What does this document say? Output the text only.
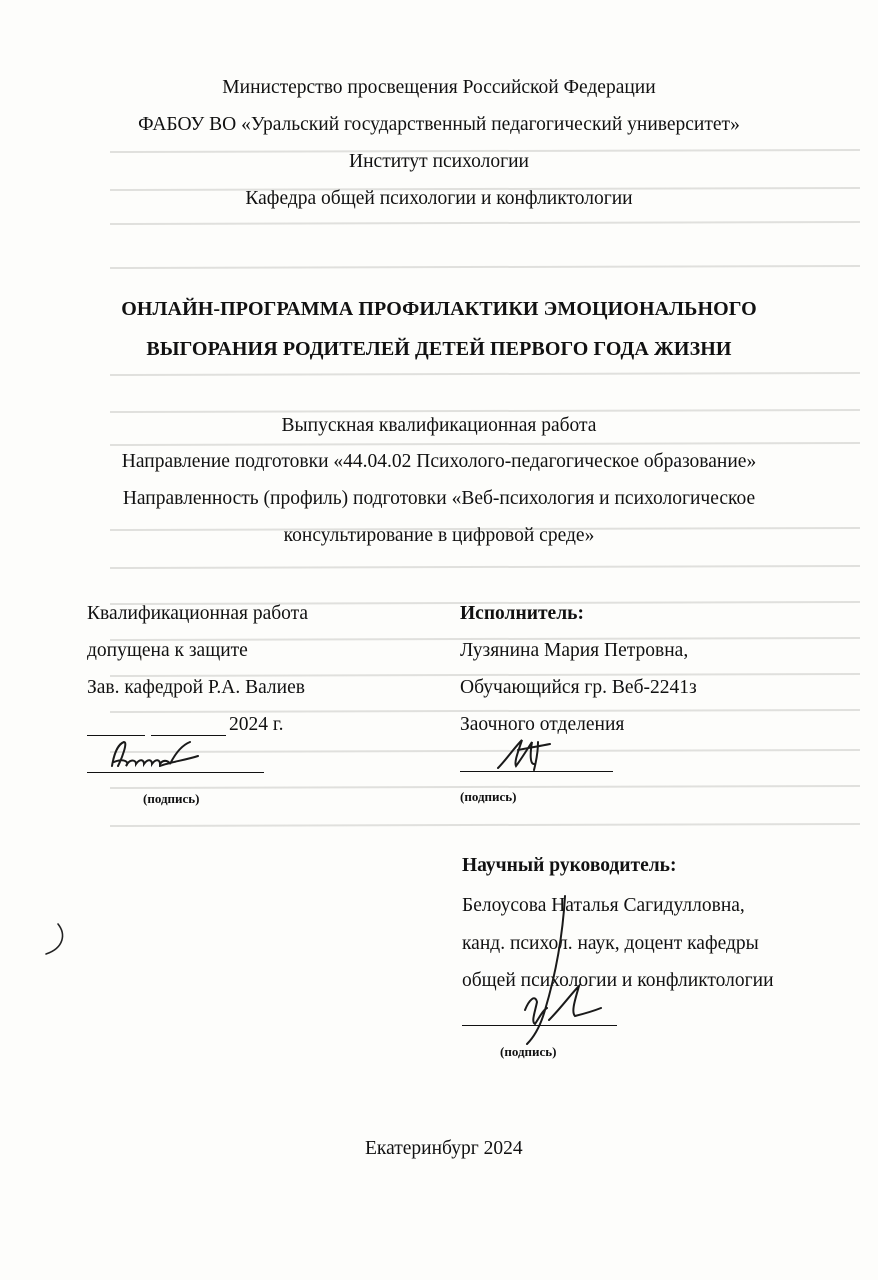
Министерство просвещения Российской Федерации
ФАБОУ ВО «Уральский государственный педагогический университет»
Институт психологии
Кафедра общей психологии и конфликтологии
ОНЛАЙН-ПРОГРАММА ПРОФИЛАКТИКИ ЭМОЦИОНАЛЬНОГО
ВЫГОРАНИЯ РОДИТЕЛЕЙ ДЕТЕЙ ПЕРВОГО ГОДА ЖИЗНИ
Выпускная квалификационная работа
Направление подготовки «44.04.02 Психолого-педагогическое образование»
Направленность (профиль) подготовки «Веб-психология и психологическое
консультирование в цифровой среде»
Квалификационная работа
допущена к защите
Зав. кафедрой Р.А. Валиев
2024 г.
(подпись)
Исполнитель:
Лузянина Мария Петровна,
Обучающийся гр. Веб-2241з
Заочного отделения
(подпись)
Научный руководитель:
Белоусова Наталья Сагидулловна,
канд. психол. наук, доцент кафедры
общей психологии и конфликтологии
(подпись)
Екатеринбург 2024
